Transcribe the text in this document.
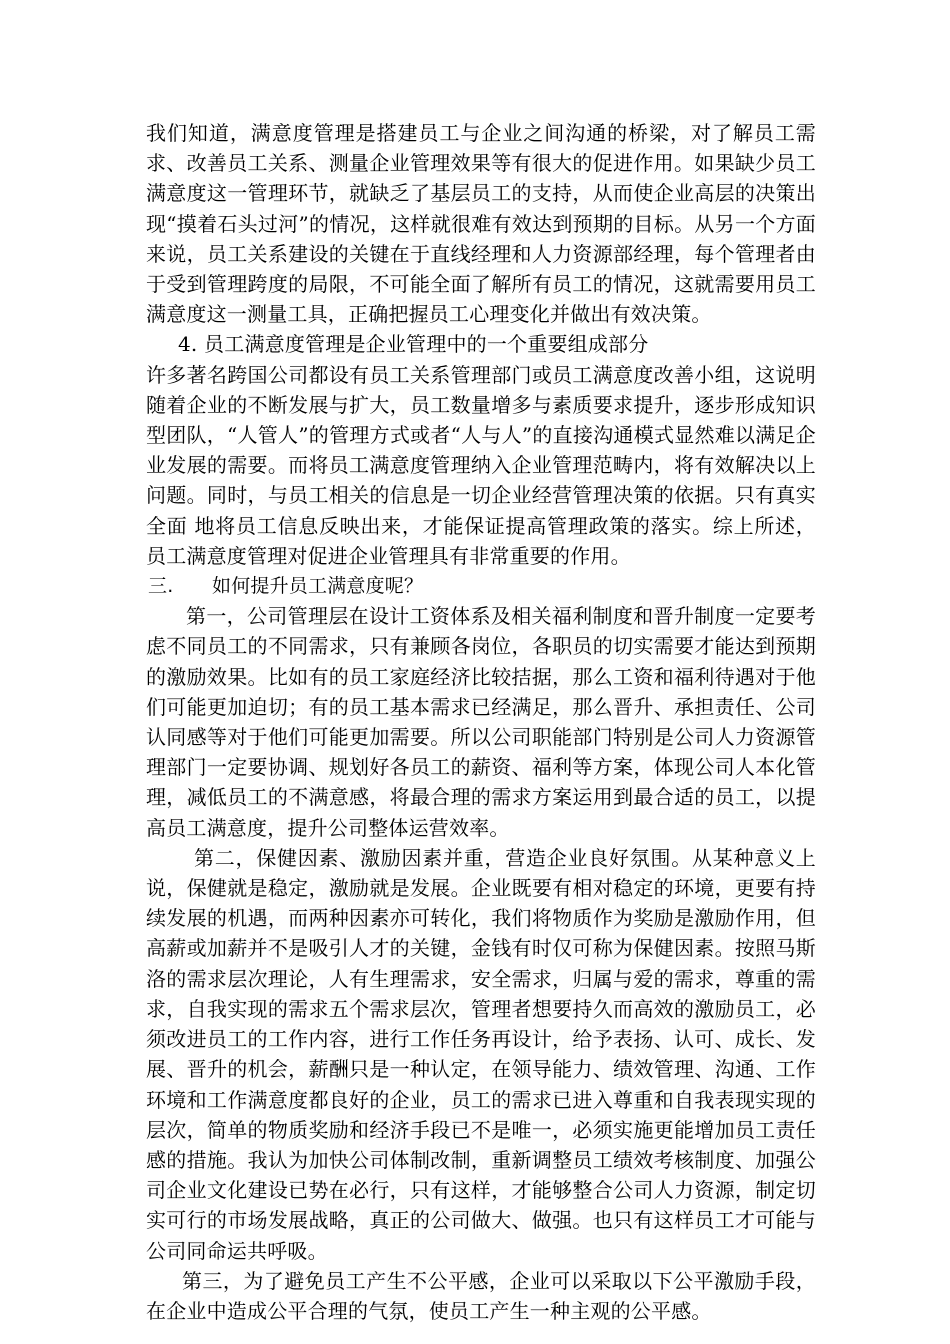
我们知道，满意度管理是搭建员工与企业之间沟通的桥梁，对了解员工需求、改善员工关系、测量企业管理效果等有很大的促进作用。如果缺少员工满意度这一管理环节，就缺乏了基层员工的支持，从而使企业高层的决策出现“摸着石头过河”的情况，这样就很难有效达到预期的目标。从另一个方面来说，员工关系建设的关键在于直线经理和人力资源部经理，每个管理者由于受到管理跨度的局限，不可能全面了解所有员工的情况，这就需要用员工满意度这一测量工具，正确把握员工心理变化并做出有效决策。

4. 员工满意度管理是企业管理中的一个重要组成部分

许多著名跨国公司都设有员工关系管理部门或员工满意度改善小组，这说明随着企业的不断发展与扩大，员工数量增多与素质要求提升，逐步形成知识型团队，“人管人”的管理方式或者“人与人”的直接沟通模式显然难以满足企业发展的需要。而将员工满意度管理纳入企业管理范畴内，将有效解决以上问题。同时，与员工相关的信息是一切企业经营管理决策的依据。只有真实全面 地将员工信息反映出来，才能保证提高管理政策的落实。综上所述，员工满意度管理对促进企业管理具有非常重要的作用。

三. 如何提升员工满意度呢？

第一，公司管理层在设计工资体系及相关福利制度和晋升制度一定要考虑不同员工的不同需求，只有兼顾各岗位，各职员的切实需要才能达到预期的激励效果。比如有的员工家庭经济比较拮据，那么工资和福利待遇对于他们可能更加迫切；有的员工基本需求已经满足，那么晋升、承担责任、公司认同感等对于他们可能更加需要。所以公司职能部门特别是公司人力资源管理部门一定要协调、规划好各员工的薪资、福利等方案，体现公司人本化管理，减低员工的不满意感，将最合理的需求方案运用到最合适的员工，以提高员工满意度，提升公司整体运营效率。

第二，保健因素、激励因素并重，营造企业良好氛围。从某种意义上说，保健就是稳定，激励就是发展。企业既要有相对稳定的环境，更要有持续发展的机遇，而两种因素亦可转化，我们将物质作为奖励是激励作用，但高薪或加薪并不是吸引人才的关键，金钱有时仅可称为保健因素。按照马斯洛的需求层次理论，人有生理需求，安全需求，归属与爱的需求，尊重的需求，自我实现的需求五个需求层次，管理者想要持久而高效的激励员工，必须改进员工的工作内容，进行工作任务再设计，给予表扬、认可、成长、发展、晋升的机会，薪酬只是一种认定，在领导能力、绩效管理、沟通、工作环境和工作满意度都良好的企业，员工的需求已进入尊重和自我表现实现的层次，简单的物质奖励和经济手段已不是唯一，必须实施更能增加员工责任感的措施。我认为加快公司体制改制，重新调整员工绩效考核制度、加强公司企业文化建设已势在必行，只有这样，才能够整合公司人力资源，制定切实可行的市场发展战略，真正的公司做大、做强。也只有这样员工才可能与公司同命运共呼吸。

第三，为了避免员工产生不公平感，企业可以采取以下公平激励手段，在企业中造成公平合理的气氛，使员工产生一种主观的公平感。
